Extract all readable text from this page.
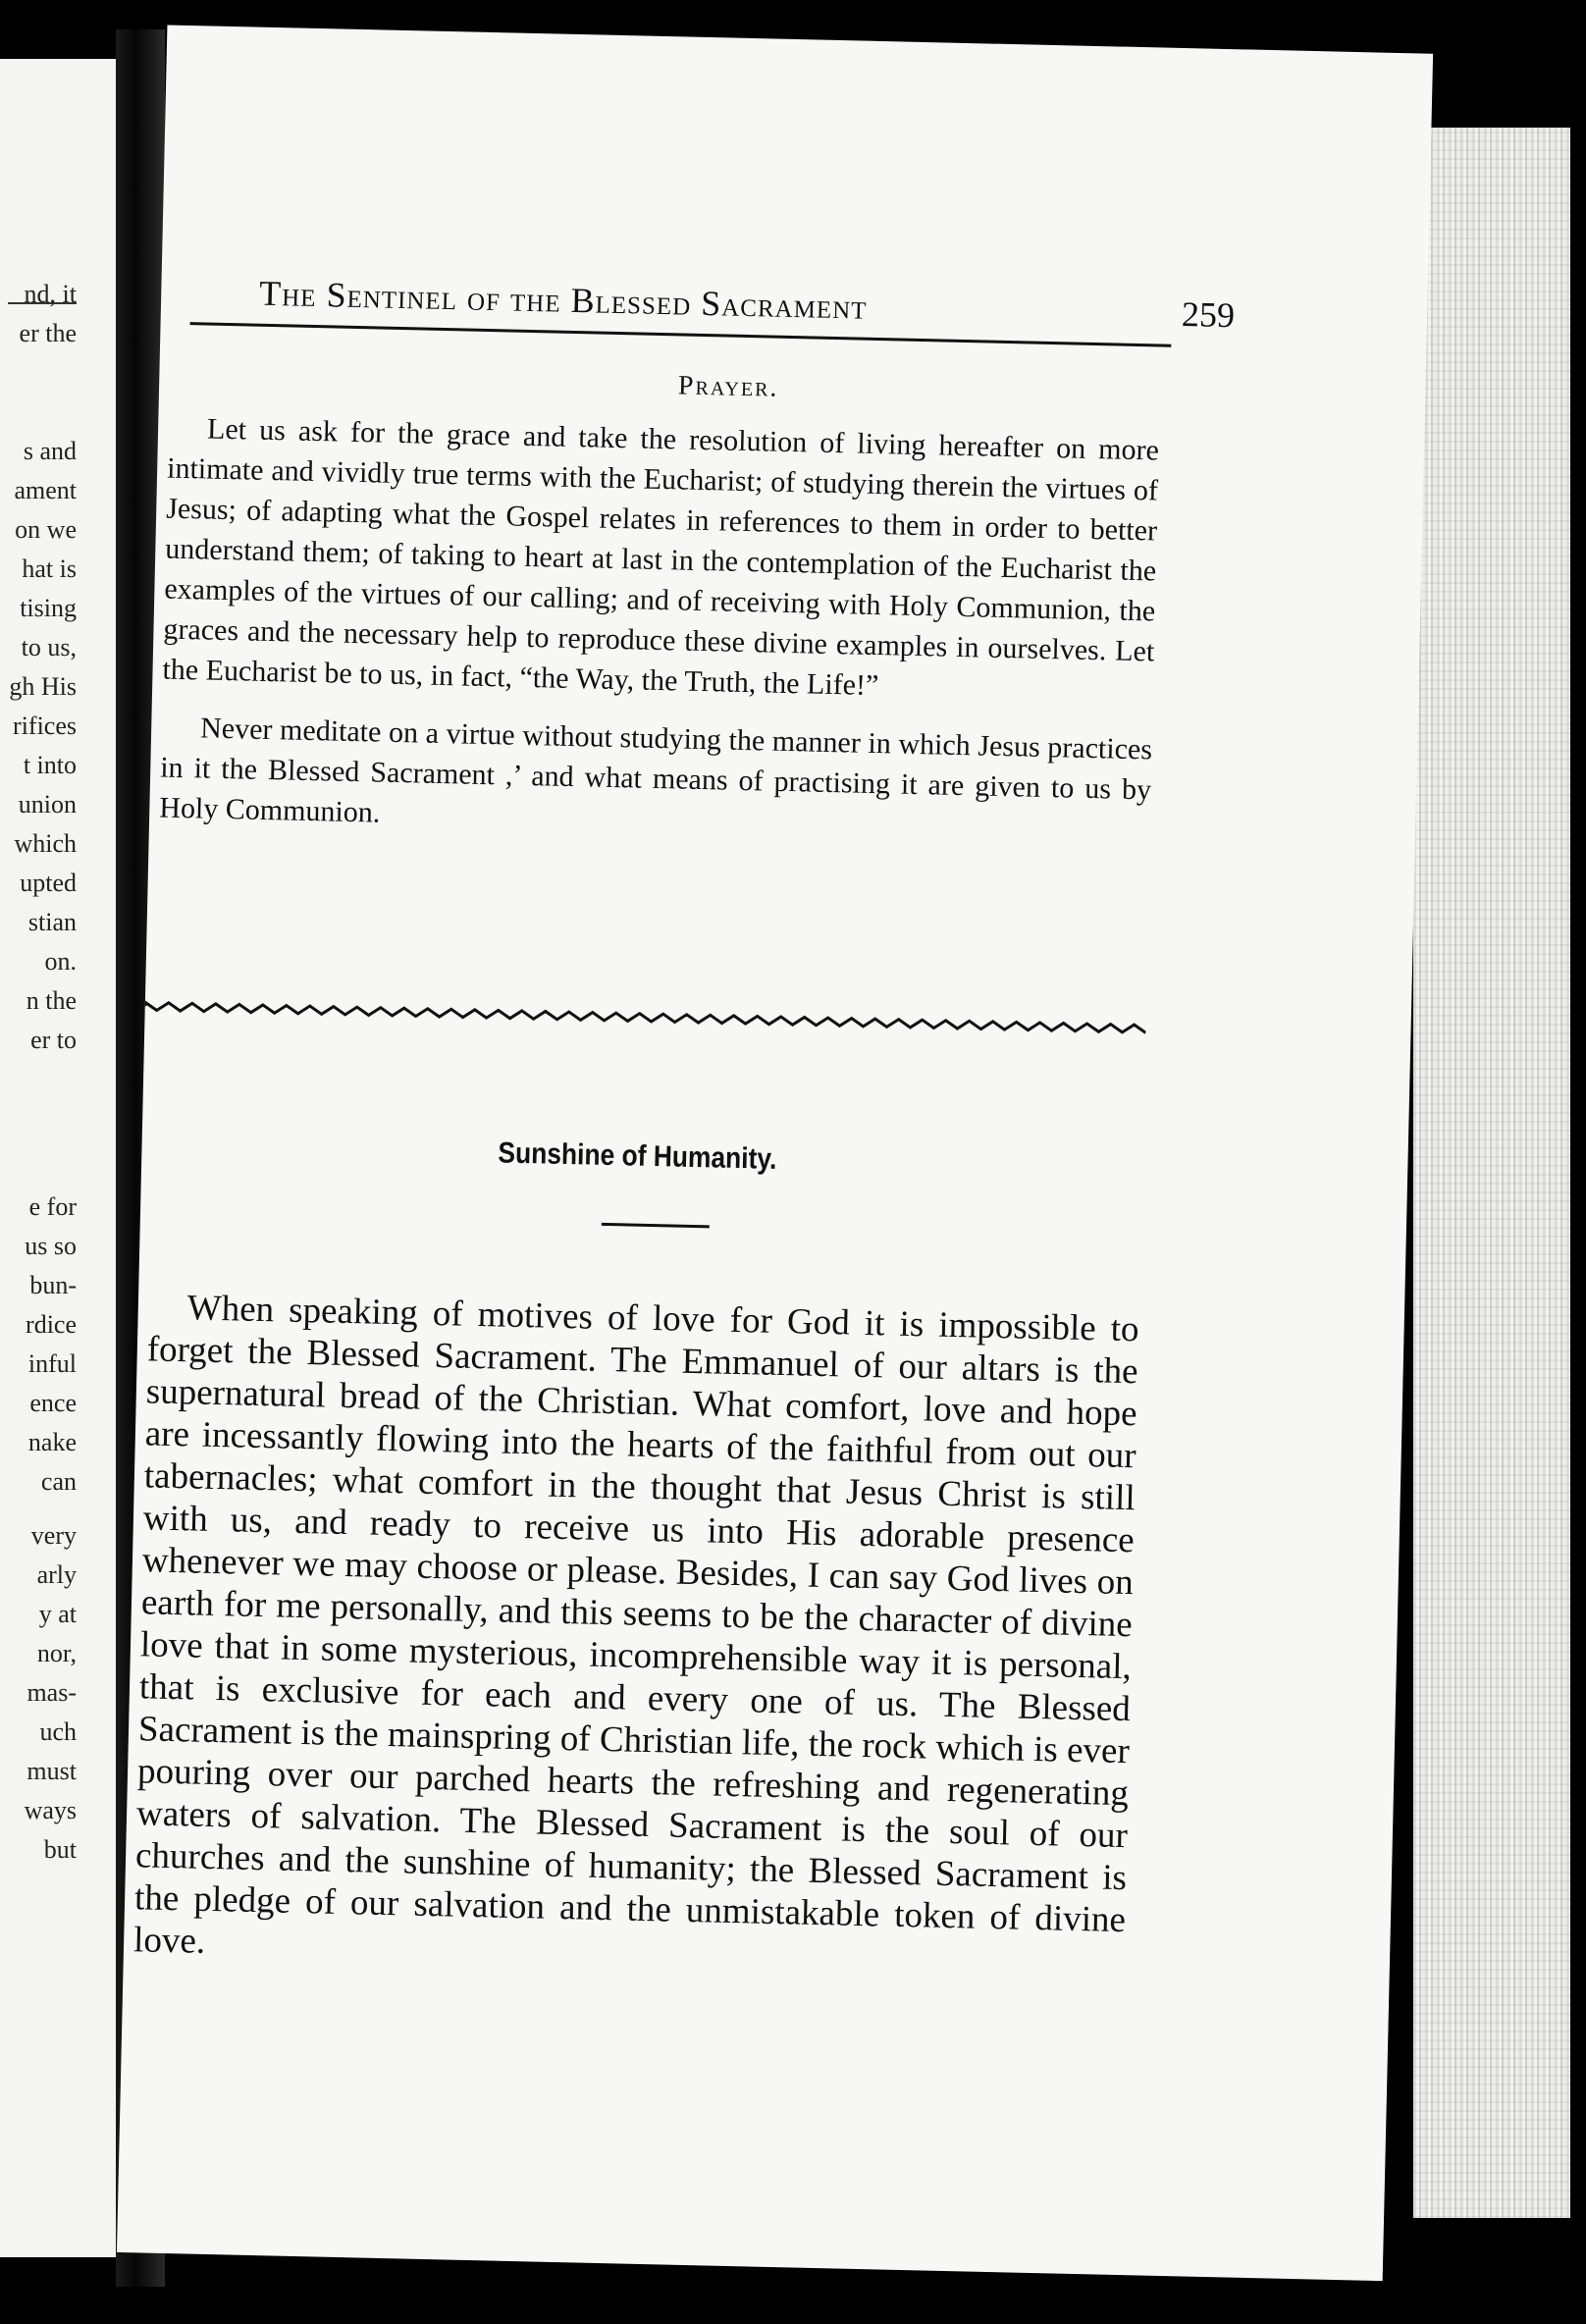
nd, it
er the
s and
ament
on we
hat is
tising
to us,
gh His
rifices
t into
union
which
upted
stian
on.
n the
er to
e for
us so
bun-
rdice
inful
ence
nake
can
very
arly
y at
nor,
mas-
uch
must
ways
but
The Sentinel of the Blessed Sacrament	259
Prayer.

Let us ask for the grace and take the resolution of living hereafter on more intimate and vividly true terms with the Eucharist; of studying therein the virtues of Jesus; of adapting what the Gospel relates in references to them in order to better understand them; of taking to heart at last in the contemplation of the Eucharist the examples of the virtues of our calling; and of receiving with Holy Communion, the graces and the necessary help to reproduce these divine examples in ourselves. Let the Eucharist be to us, in fact, “the Way, the Truth, the Life!”

Never meditate on a virtue without studying the manner in which Jesus practices in it the Blessed Sacrament ,’ and what means of practising it are given to us by Holy Communion.

Sunshine of Humanity.

When speaking of motives of love for God it is impossible to forget the Blessed Sacrament. The Emmanuel of our altars is the supernatural bread of the Christian. What comfort, love and hope are incessantly flowing into the hearts of the faithful from out our tabernacles; what comfort in the thought that Jesus Christ is still with us, and ready to receive us into His adorable presence whenever we may choose or please. Besides, I can say God lives on earth for me personally, and this seems to be the character of divine love that in some mysterious, incomprehensible way it is personal, that is exclusive for each and every one of us. The Blessed Sacrament is the mainspring of Christian life, the rock which is ever pouring over our parched hearts the refreshing and regenerating waters of salvation. The Blessed Sacrament is the soul of our churches and the sunshine of humanity; the Blessed Sacrament is the pledge of our salvation and the unmistakable token of divine love.
